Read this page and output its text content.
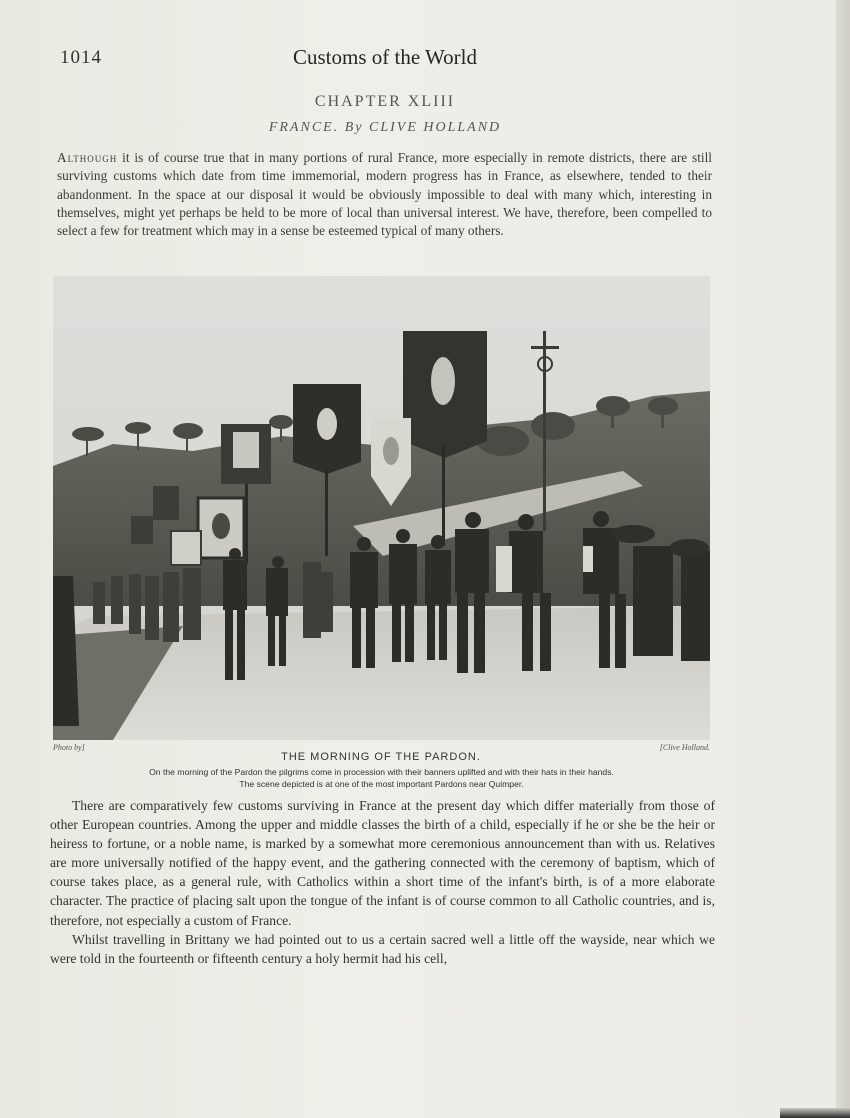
1014	Customs of the World
CHAPTER XLIII
FRANCE. By CLIVE HOLLAND
Although it is of course true that in many portions of rural France, more especially in remote districts, there are still surviving customs which date from time immemorial, modern progress has in France, as elsewhere, tended to their abandonment. In the space at our disposal it would be obviously impossible to deal with many which, interesting in themselves, might yet perhaps be held to be more of local than universal interest. We have, therefore, been compelled to select a few for treatment which may in a sense be esteemed typical of many others.
Photo by]	[Clive Holland.
THE MORNING OF THE PARDON.
On the morning of the Pardon the pilgrims come in procession with their banners uplifted and with their hats in their hands.
The scene depicted is at one of the most important Pardons near Quimper.

There are comparatively few customs surviving in France at the present day which differ materially from those of other European countries. Among the upper and middle classes the birth of a child, especially if he or she be the heir or heiress to fortune, or a noble name, is marked by a somewhat more ceremonious announcement than with us. Relatives are more universally notified of the happy event, and the gathering connected with the ceremony of baptism, which of course takes place, as a general rule, with Catholics within a short time of the infant's birth, is of a more elaborate character. The practice of placing salt upon the tongue of the infant is of course common to all Catholic countries, and is, therefore, not especially a custom of France.

Whilst travelling in Brittany we had pointed out to us a certain sacred well a little off the wayside, near which we were told in the fourteenth or fifteenth century a holy hermit had his cell,
